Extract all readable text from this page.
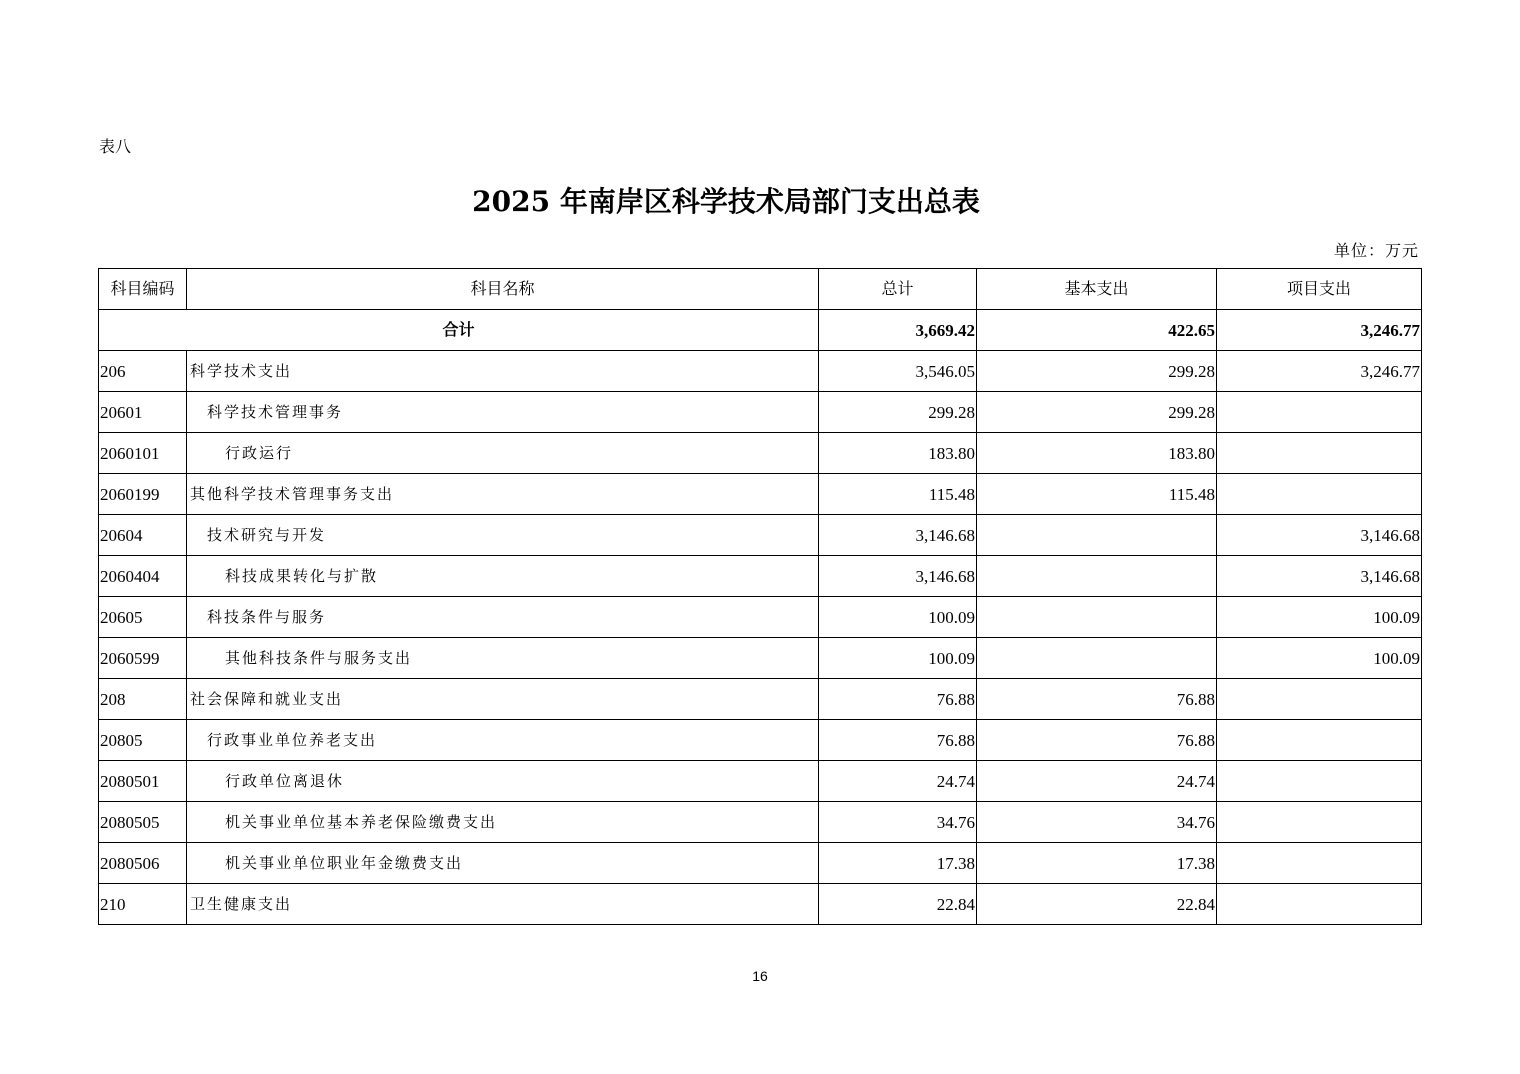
表八
2025 年南岸区科学技术局部门支出总表
单位：万元
科目编码	科目名称	总计	基本支出	项目支出
合计		3,669.42	422.65	3,246.77
206	科学技术支出	3,546.05	299.28	3,246.77
20601	科学技术管理事务	299.28	299.28	
2060101	行政运行	183.80	183.80	
2060199	其他科学技术管理事务支出	115.48	115.48	
20604	技术研究与开发	3,146.68		3,146.68
2060404	科技成果转化与扩散	3,146.68		3,146.68
20605	科技条件与服务	100.09		100.09
2060599	其他科技条件与服务支出	100.09		100.09
208	社会保障和就业支出	76.88	76.88	
20805	行政事业单位养老支出	76.88	76.88	
2080501	行政单位离退休	24.74	24.74	
2080505	机关事业单位基本养老保险缴费支出	34.76	34.76	
2080506	机关事业单位职业年金缴费支出	17.38	17.38	
210	卫生健康支出	22.84	22.84	
16
